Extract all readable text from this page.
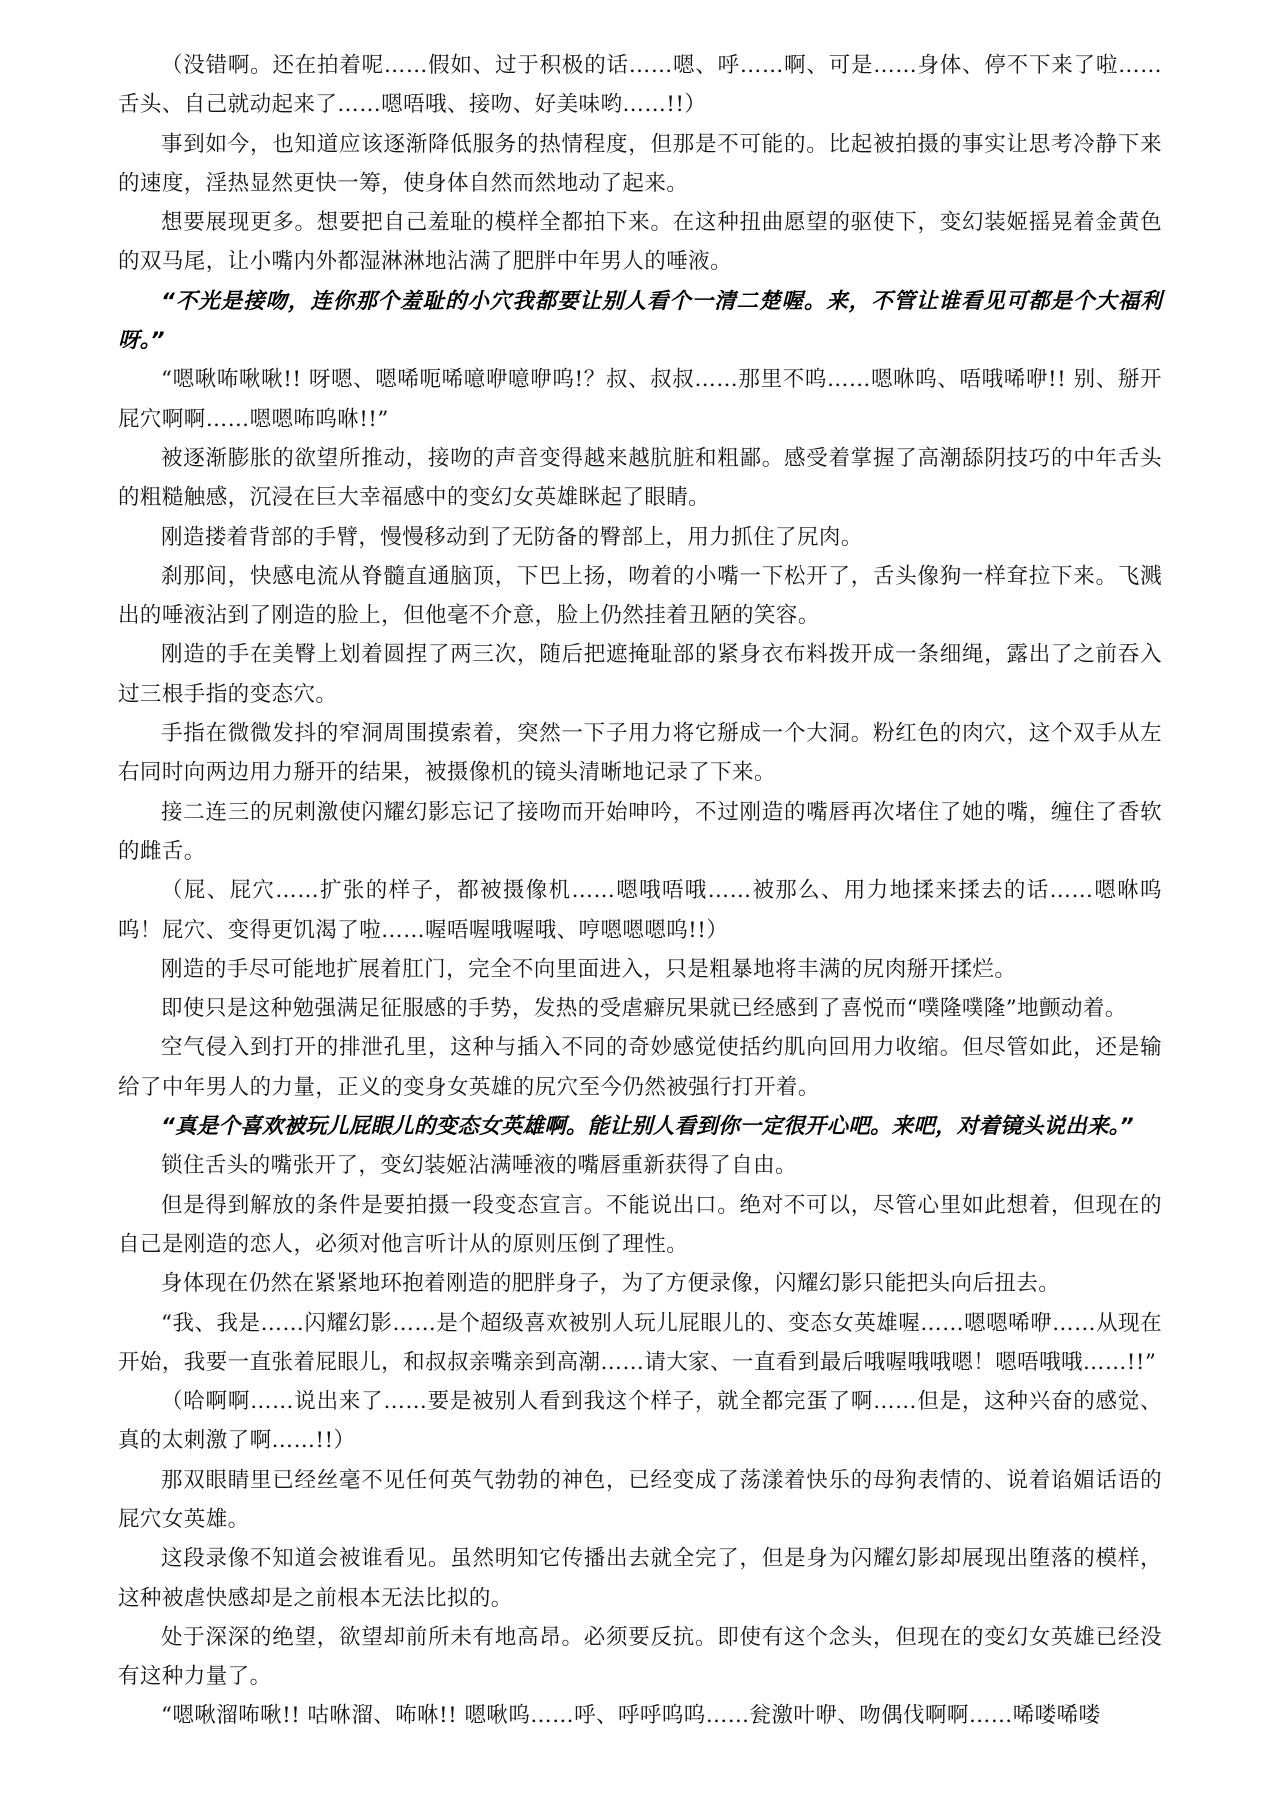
（没错啊。还在拍着呢……假如、过于积极的话……嗯、呼……啊、可是……身体、停不下来了啦……舌头、自己就动起来了……嗯唔哦、接吻、好美味哟……!!）

事到如今，也知道应该逐渐降低服务的热情程度，但那是不可能的。比起被拍摄的事实让思考冷静下来的速度，淫热显然更快一筹，使身体自然而然地动了起来。

想要展现更多。想要把自己羞耻的模样全都拍下来。在这种扭曲愿望的驱使下，变幻装姬摇晃着金黄色的双马尾，让小嘴内外都湿淋淋地沾满了肥胖中年男人的唾液。

“不光是接吻，连你那个羞耻的小穴我都要让别人看个一清二楚喔。来，不管让谁看见可都是个大福利呀。”

“嗯啾咘啾啾!! 呀嗯、嗯唏呃唏噫咿噫咿呜!？叔、叔叔……那里不呜……嗯咻呜、唔哦唏咿!! 别、掰开屁穴啊啊……嗯嗯咘呜咻!!”

被逐渐膨胀的欲望所推动，接吻的声音变得越来越肮脏和粗鄙。感受着掌握了高潮舔阴技巧的中年舌头的粗糙触感，沉浸在巨大幸福感中的变幻女英雄眯起了眼睛。

刚造搂着背部的手臂，慢慢移动到了无防备的臀部上，用力抓住了尻肉。

刹那间，快感电流从脊髓直通脑顶，下巴上扬，吻着的小嘴一下松开了，舌头像狗一样耷拉下来。飞溅出的唾液沾到了刚造的脸上，但他毫不介意，脸上仍然挂着丑陋的笑容。

刚造的手在美臀上划着圆捏了两三次，随后把遮掩耻部的紧身衣布料拨开成一条细绳，露出了之前吞入过三根手指的变态穴。

手指在微微发抖的窄洞周围摸索着，突然一下子用力将它掰成一个大洞。粉红色的肉穴，这个双手从左右同时向两边用力掰开的结果，被摄像机的镜头清晰地记录了下来。

接二连三的尻刺激使闪耀幻影忘记了接吻而开始呻吟，不过刚造的嘴唇再次堵住了她的嘴，缠住了香软的雌舌。

（屁、屁穴……扩张的样子，都被摄像机……嗯哦唔哦……被那么、用力地揉来揉去的话……嗯咻呜呜！屁穴、变得更饥渴了啦……喔唔喔哦喔哦、哼嗯嗯嗯呜!!）

刚造的手尽可能地扩展着肛门，完全不向里面进入，只是粗暴地将丰满的尻肉掰开揉烂。

即使只是这种勉强满足征服感的手势，发热的受虐癖尻果就已经感到了喜悦而“噗隆噗隆”地颤动着。

空气侵入到打开的排泄孔里，这种与插入不同的奇妙感觉使括约肌向回用力收缩。但尽管如此，还是输给了中年男人的力量，正义的变身女英雄的尻穴至今仍然被强行打开着。

“真是个喜欢被玩儿屁眼儿的变态女英雄啊。能让别人看到你一定很开心吧。来吧，对着镜头说出来。”

锁住舌头的嘴张开了，变幻装姬沾满唾液的嘴唇重新获得了自由。

但是得到解放的条件是要拍摄一段变态宣言。不能说出口。绝对不可以，尽管心里如此想着，但现在的自己是刚造的恋人，必须对他言听计从的原则压倒了理性。

身体现在仍然在紧紧地环抱着刚造的肥胖身子，为了方便录像，闪耀幻影只能把头向后扭去。

“我、我是……闪耀幻影……是个超级喜欢被别人玩儿屁眼儿的、变态女英雄喔……嗯嗯唏咿……从现在开始，我要一直张着屁眼儿，和叔叔亲嘴亲到高潮……请大家、一直看到最后哦喔哦哦嗯！嗯唔哦哦……!!”

（哈啊啊……说出来了……要是被别人看到我这个样子，就全都完蛋了啊……但是，这种兴奋的感觉、真的太刺激了啊……!!）

那双眼睛里已经丝毫不见任何英气勃勃的神色，已经变成了荡漾着快乐的母狗表情的、说着谄媚话语的屁穴女英雄。

这段录像不知道会被谁看见。虽然明知它传播出去就全完了，但是身为闪耀幻影却展现出堕落的模样，这种被虐快感却是之前根本无法比拟的。

处于深深的绝望，欲望却前所未有地高昂。必须要反抗。即使有这个念头，但现在的变幻女英雄已经没有这种力量了。

“嗯啾溜咘啾!! 咕咻溜、咘咻!! 嗯啾呜……呼、呼呼呜呜……瓮激叶咿、吻偶伐啊啊……唏喽唏喽
